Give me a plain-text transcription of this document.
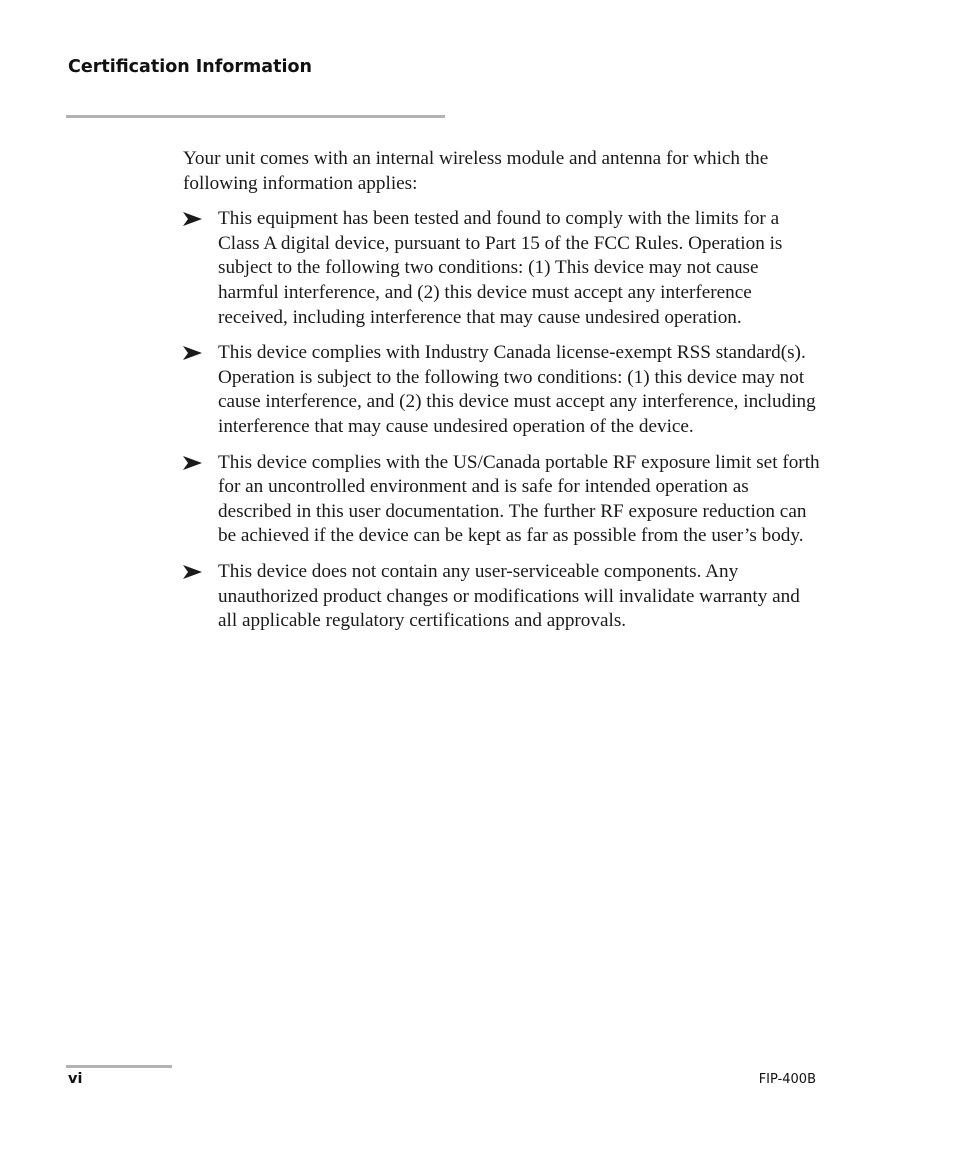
Certification Information

Your unit comes with an internal wireless module and antenna for which the following information applies:

This equipment has been tested and found to comply with the limits for a Class A digital device, pursuant to Part 15 of the FCC Rules. Operation is subject to the following two conditions: (1) This device may not cause harmful interference, and (2) this device must accept any interference received, including interference that may cause undesired operation.
This device complies with Industry Canada license-exempt RSS standard(s). Operation is subject to the following two conditions: (1) this device may not cause interference, and (2) this device must accept any interference, including interference that may cause undesired operation of the device.
This device complies with the US/Canada portable RF exposure limit set forth for an uncontrolled environment and is safe for intended operation as described in this user documentation. The further RF exposure reduction can be achieved if the device can be kept as far as possible from the user’s body.
This device does not contain any user-serviceable components. Any unauthorized product changes or modifications will invalidate warranty and all applicable regulatory certifications and approvals.
vi	FIP-400B
